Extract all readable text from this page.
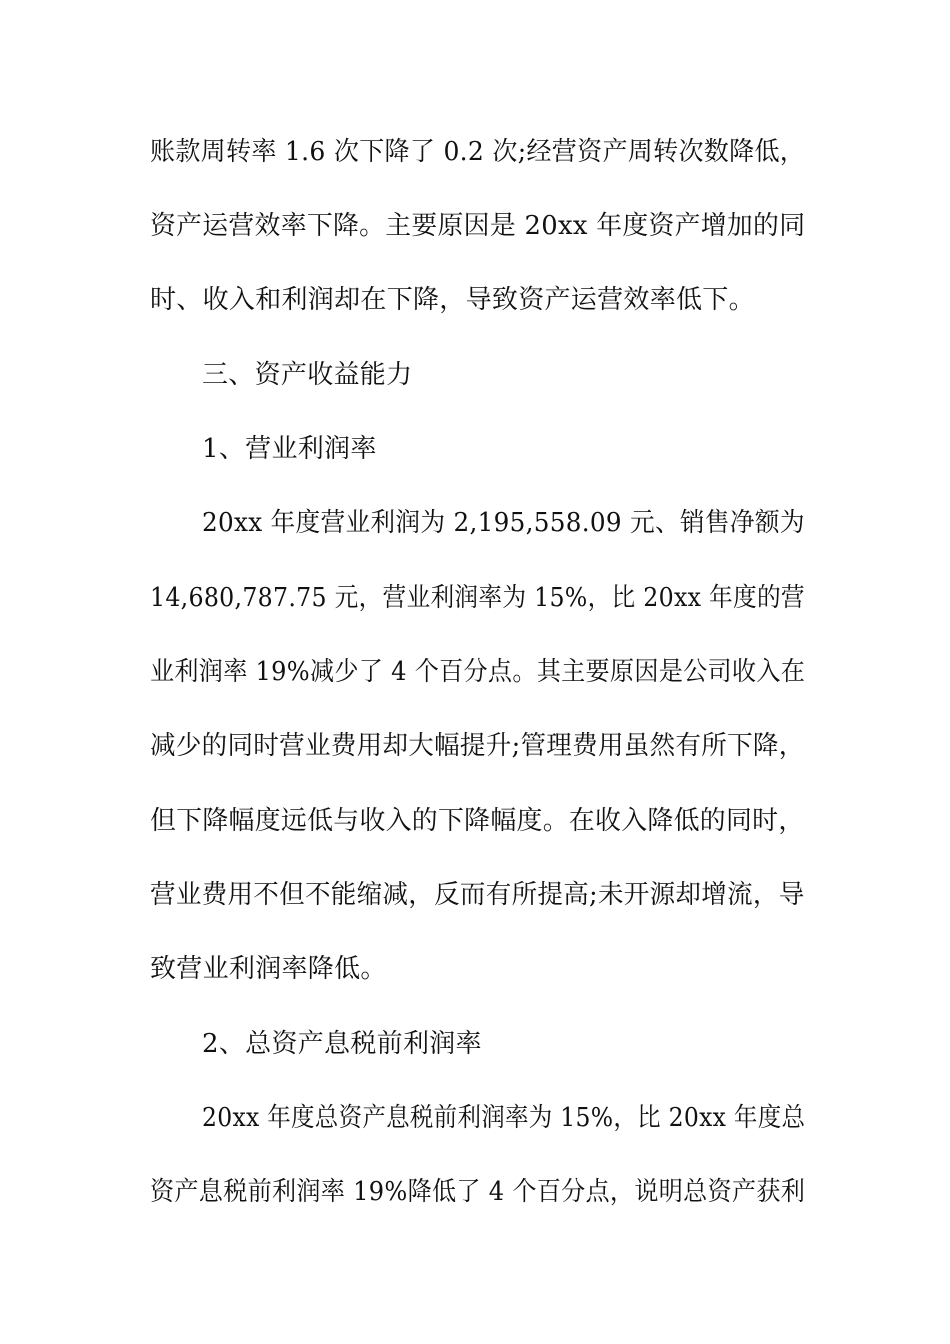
账款周转率 1.6 次下降了 0.2 次;经营资产周转次数降低，
资产运营效率下降。主要原因是 20xx 年度资产增加的同
时、收入和利润却在下降，导致资产运营效率低下。
三、资产收益能力
1、营业利润率
20xx 年度营业利润为 2,195,558.09 元、销售净额为
14,680,787.75 元，营业利润率为 15%，比 20xx 年度的营
业利润率 19%减少了 4 个百分点。其主要原因是公司收入在
减少的同时营业费用却大幅提升;管理费用虽然有所下降，
但下降幅度远低与收入的下降幅度。在收入降低的同时，
营业费用不但不能缩减，反而有所提高;未开源却增流，导
致营业利润率降低。
2、总资产息税前利润率
20xx 年度总资产息税前利润率为 15%，比 20xx 年度总
资产息税前利润率 19%降低了 4 个百分点，说明总资产获利
